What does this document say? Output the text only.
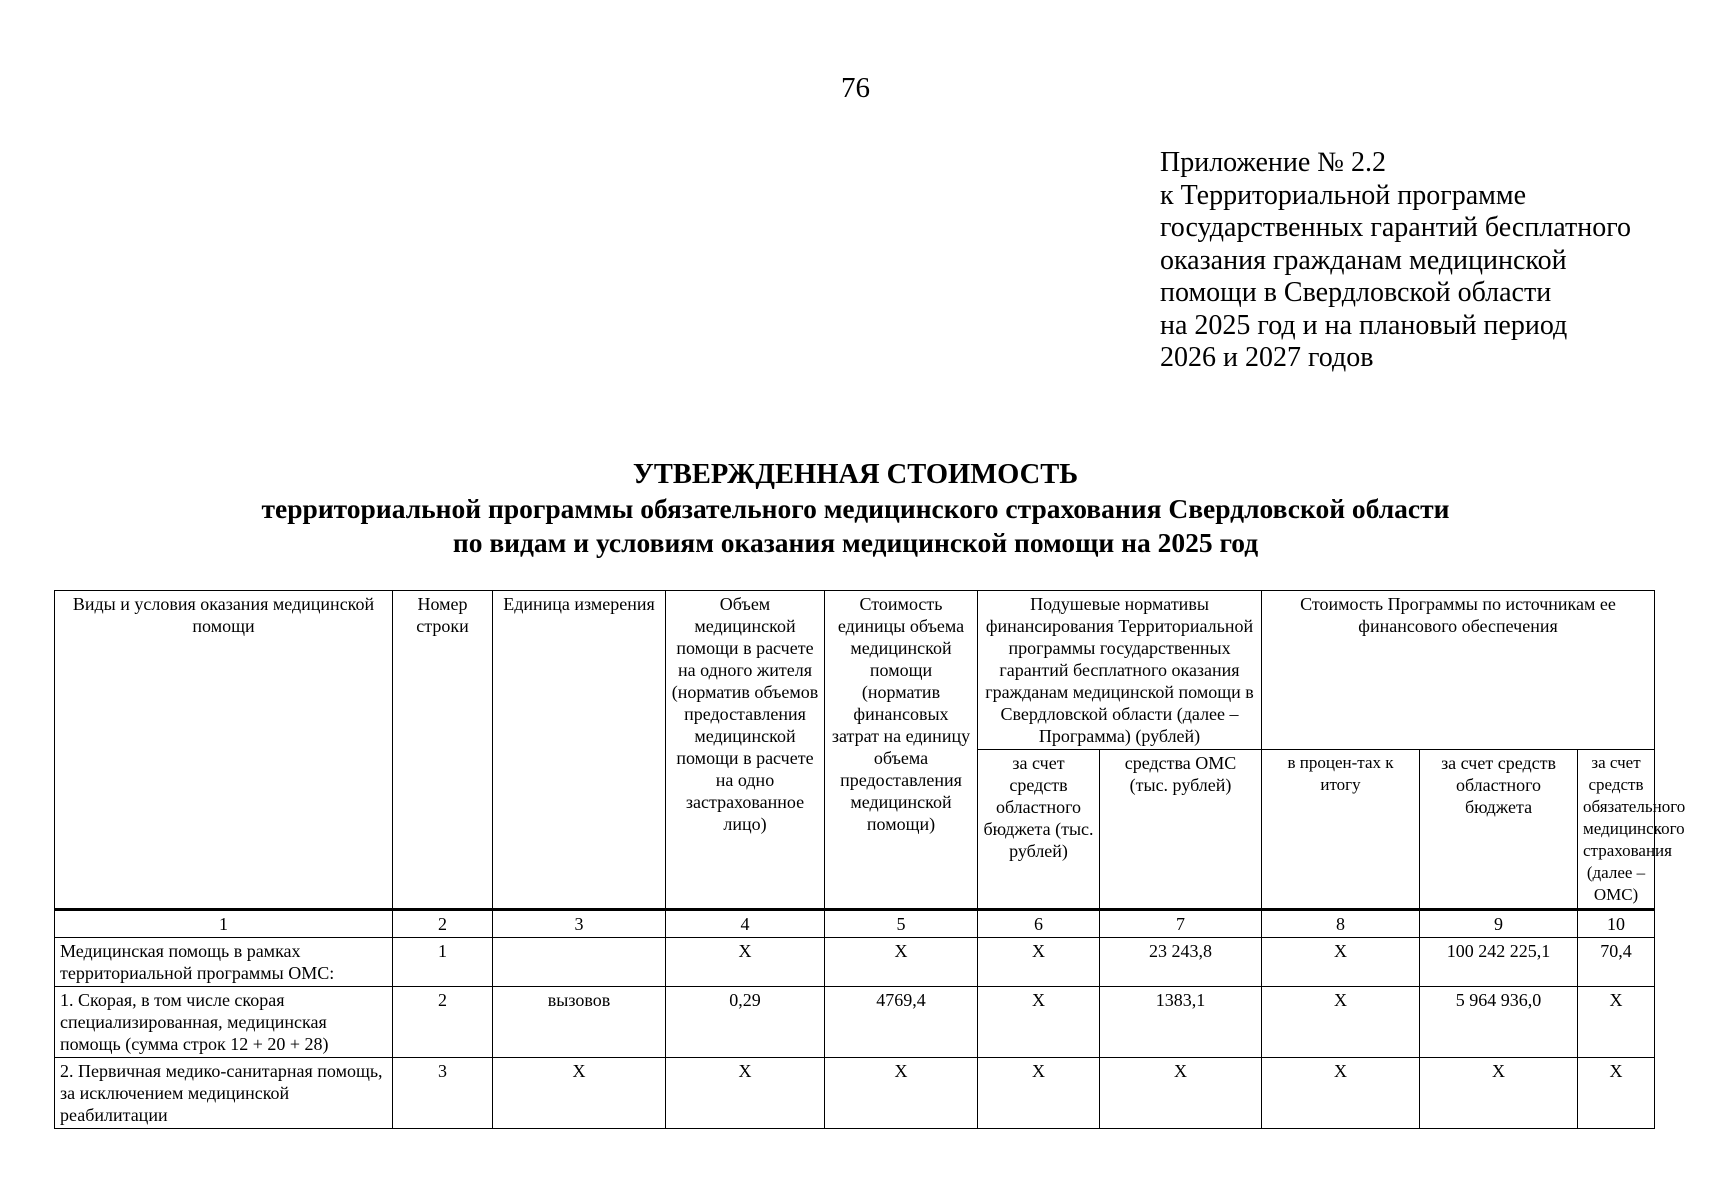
76
Приложение № 2.2
к Территориальной программе
государственных гарантий бесплатного
оказания гражданам медицинской
помощи в Свердловской области
на 2025 год и на плановый период
2026 и 2027 годов
УТВЕРЖДЕННАЯ СТОИМОСТЬ
территориальной программы обязательного медицинского страхования Свердловской области
по видам и условиям оказания медицинской помощи на 2025 год
Виды и условия оказания медицинской помощи	Номер строки	Единица измерения	Объем медицинской помощи в расчете на одного жителя (норматив объемов предоставления медицинской помощи в расчете на одно застрахованное лицо)	Стоимость единицы объема медицинской помощи (норматив финансовых затрат на единицу объема предоставления медицинской помощи)	Подушевые нормативы финансирования Территориальной программы государственных гарантий бесплатного оказания гражданам медицинской помощи в Свердловской области (далее – Программа) (рублей)		Стоимость Программы по источникам ее финансового обеспечения		
					за счет средств областного бюджета (тыс. рублей)	средства ОМС (тыс. рублей)	в процен-тах к итогу		
								за счет средств областного бюджета	за счет средств обязательного медицинского страхования (далее – ОМС)
1	2	3	4	5	6	7	8	9	10
Медицинская помощь в рамках территориальной программы ОМС:	1		Х	Х	Х	23 243,8	Х	100 242 225,1	70,4
1. Скорая, в том числе скорая специализированная, медицинская помощь (сумма строк 12 + 20 + 28)	2	вызовов	0,29	4769,4	Х	1383,1	Х	5 964 936,0	Х
2. Первичная медико-санитарная помощь, за исключением медицинской реабилитации	3	Х	Х	Х	Х	Х	Х	Х	Х
